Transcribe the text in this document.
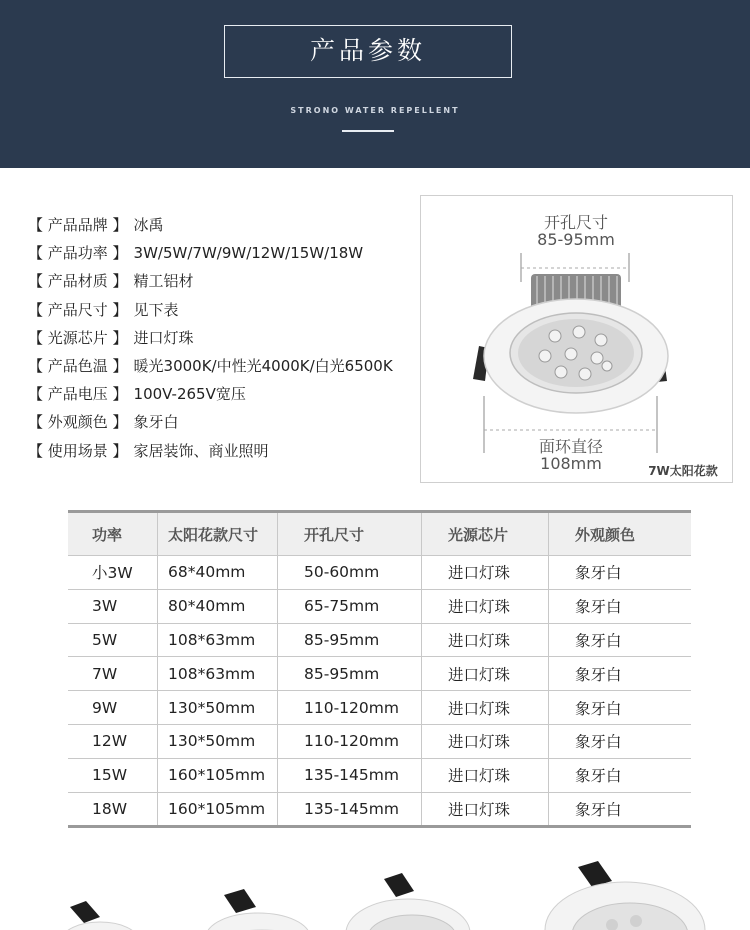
产品参数
STRONO WATER REPELLENT
【 产品品牌 】 冰禹
【 产品功率 】 3W/5W/7W/9W/12W/15W/18W
【 产品材质 】 精工铝材
【 产品尺寸 】 见下表
【 光源芯片 】 进口灯珠
【 产品色温 】 暖光3000K/中性光4000K/白光6500K
【 产品电压 】 100V-265V宽压
【 外观颜色 】 象牙白
【 使用场景 】 家居装饰、商业照明
开孔尺寸
85-95mm
面环直径
108mm	7W太阳花款
功率	太阳花款尺寸	开孔尺寸	光源芯片	外观颜色
小3W	68*40mm	50-60mm	进口灯珠	象牙白
3W	80*40mm	65-75mm	进口灯珠	象牙白
5W	108*63mm	85-95mm	进口灯珠	象牙白
7W	108*63mm	85-95mm	进口灯珠	象牙白
9W	130*50mm	110-120mm	进口灯珠	象牙白
12W	130*50mm	110-120mm	进口灯珠	象牙白
15W	160*105mm	135-145mm	进口灯珠	象牙白
18W	160*105mm	135-145mm	进口灯珠	象牙白
